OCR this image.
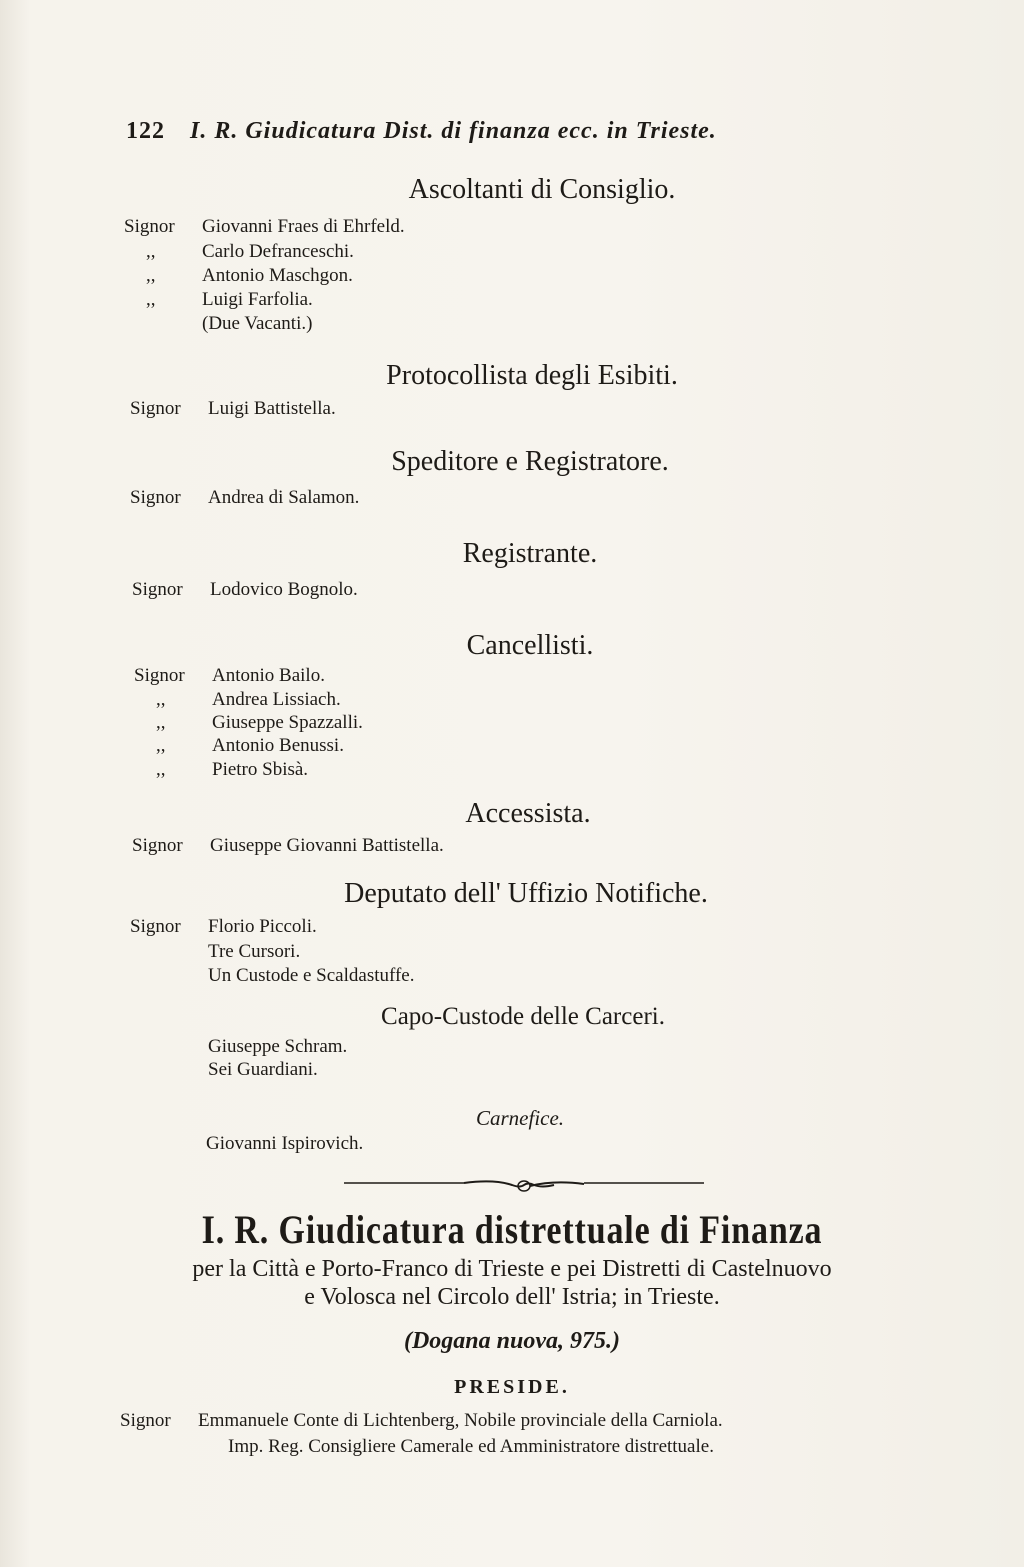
122 I. R. Giudicatura Dist. di finanza ecc. in Trieste.
Ascoltanti di Consiglio.
Signor Giovanni Fraes di Ehrfeld.
,, Carlo Defranceschi.
,, Antonio Maschgon.
,, Luigi Farfolia.
(Due Vacanti.)
Protocollista degli Esibiti.
Signor Luigi Battistella.
Speditore e Registratore.
Signor Andrea di Salamon.
Registrante.
Signor Lodovico Bognolo.
Cancellisti.
Signor Antonio Bailo.
,, Andrea Lissiach.
,, Giuseppe Spazzalli.
,, Antonio Benussi.
,, Pietro Sbisà.
Accessista.
Signor Giuseppe Giovanni Battistella.
Deputato dell' Uffizio Notifiche.
Signor Florio Piccoli.
Tre Cursori.
Un Custode e Scaldastuffe.
Capo-Custode delle Carceri.
Giuseppe Schram.
Sei Guardiani.
Carnefice.
Giovanni Ispirovich.
I. R. Giudicatura distrettuale di Finanza
per la Città e Porto-Franco di Trieste e pei Distretti di Castelnuovo
e Volosca nel Circolo dell' Istria; in Trieste.
(Dogana nuova, 975.)
PRESIDE.
Signor Emmanuele Conte di Lichtenberg, Nobile provinciale della Carniola.
Imp. Reg. Consigliere Camerale ed Amministratore distrettuale.
